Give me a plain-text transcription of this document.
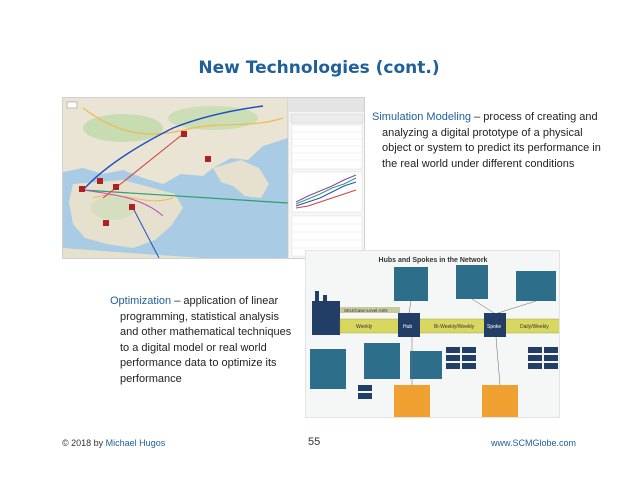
New Technologies (cont.)
Simulation Modeling – process of creating and analyzing a digital prototype of a physical object or system to predict its performance in the real world under different conditions
Optimization – application of linear programming, statistical analysis and other mathematical techniques to a digital model or real world performance data to optimize its performance
Hubs and Spokes in the Network
SKU/Case-Level ASN
Weekly	Bi-Weekly/Weekly	Daily/Weekly
Hub	Spoke
© 2018 by Michael Hugos	55	www.SCMGlobe.com
